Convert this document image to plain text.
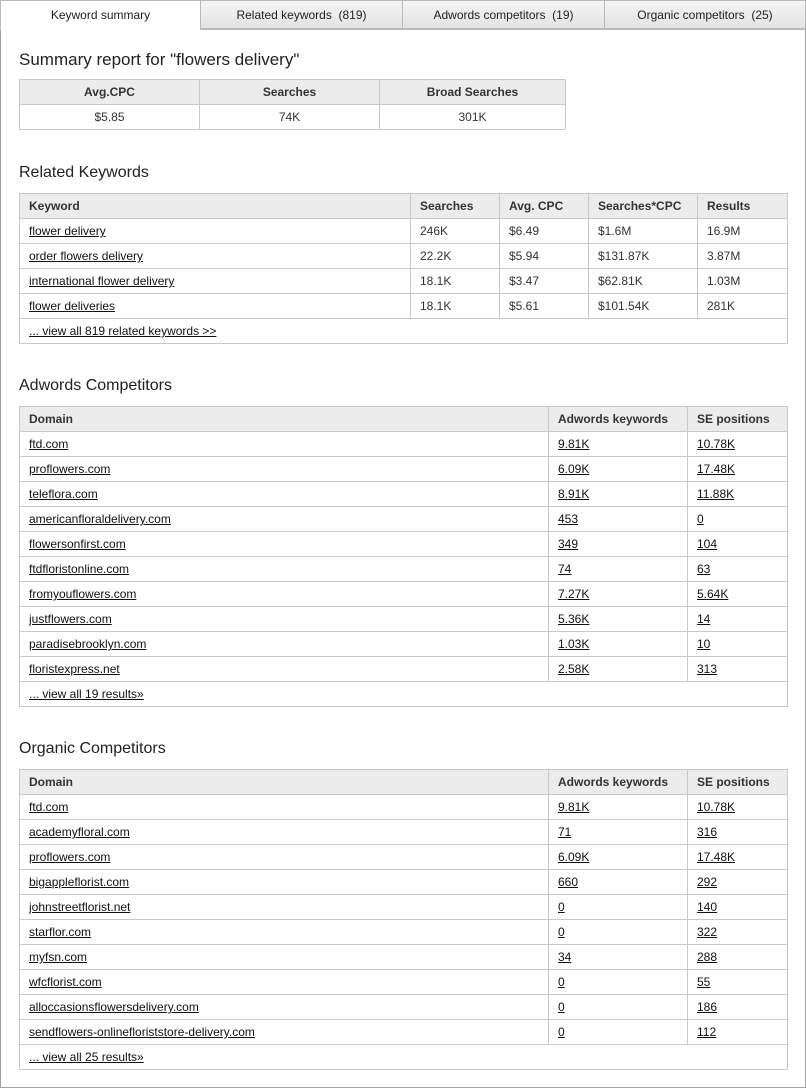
Keyword summary	Related keywords  (819)	Adwords competitors  (19)	Organic competitors  (25)
Summary report for "flowers delivery"
Avg.CPC	Searches	Broad Searches
$5.85	74K	301K
Related Keywords
Keyword	Searches	Avg. CPC	Searches*CPC	Results
flower delivery	246K	$6.49	$1.6M	16.9M
order flowers delivery	22.2K	$5.94	$131.87K	3.87M
international flower delivery	18.1K	$3.47	$62.81K	1.03M
flower deliveries	18.1K	$5.61	$101.54K	281K
... view all 819 related keywords >>				
Adwords Competitors
Domain	Adwords keywords	SE positions
ftd.com	9.81K	10.78K
proflowers.com	6.09K	17.48K
teleflora.com	8.91K	11.88K
americanfloraldelivery.com	453	0
flowersonfirst.com	349	104
ftdfloristonline.com	74	63
fromyouflowers.com	7.27K	5.64K
justflowers.com	5.36K	14
paradisebrooklyn.com	1.03K	10
floristexpress.net	2.58K	313
... view all 19 results»		
Organic Competitors
Domain	Adwords keywords	SE positions
ftd.com	9.81K	10.78K
academyfloral.com	71	316
proflowers.com	6.09K	17.48K
bigappleflorist.com	660	292
johnstreetflorist.net	0	140
starflor.com	0	322
myfsn.com	34	288
wfcflorist.com	0	55
alloccasionsflowersdelivery.com	0	186
sendflowers-onlinefloriststore-delivery.com	0	112
... view all 25 results»		
